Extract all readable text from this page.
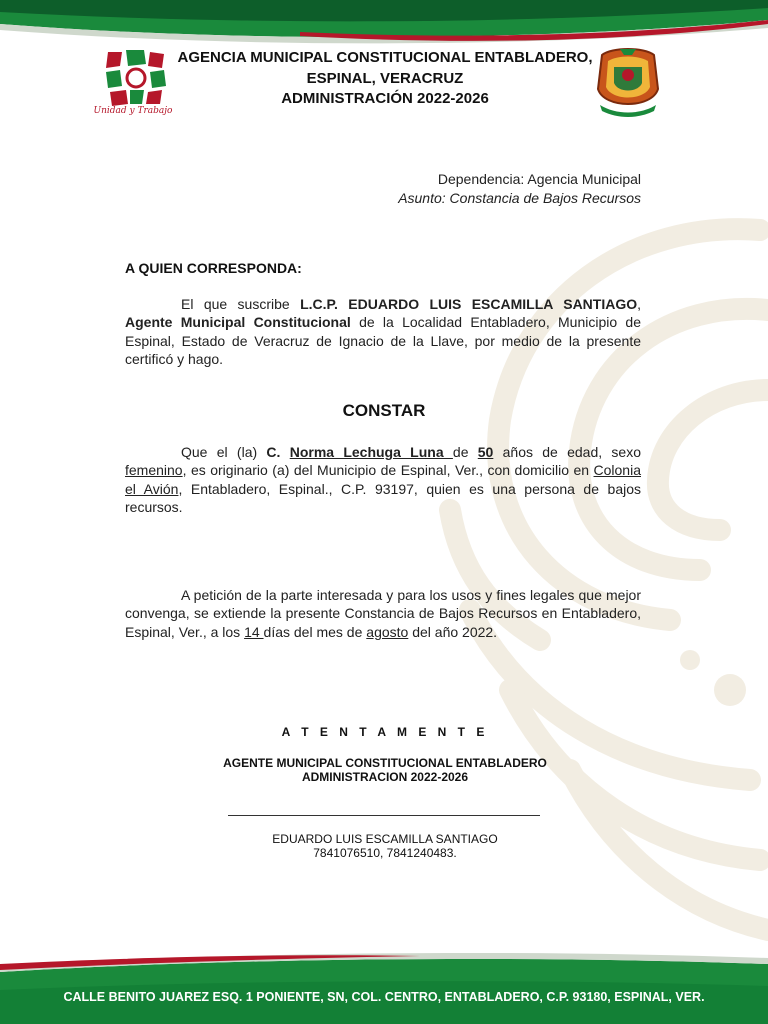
Unidad y Trabajo
AGENCIA MUNICIPAL CONSTITUCIONAL ENTABLADERO,
ESPINAL, VERACRUZ
ADMINISTRACIÓN 2022-2026
Dependencia: Agencia Municipal
Asunto: Constancia de Bajos Recursos
A QUIEN CORRESPONDA:
El que suscribe L.C.P. EDUARDO LUIS ESCAMILLA SANTIAGO, Agente Municipal Constitucional de la Localidad Entabladero, Municipio de Espinal, Estado de Veracruz de Ignacio de la Llave, por medio de la presente certificó y hago.
CONSTAR
Que el (la) C. Norma Lechuga Luna de 50 años de edad, sexo femenino, es originario (a) del Municipio de Espinal, Ver., con domicilio en Colonia el Avión, Entabladero, Espinal., C.P. 93197, quien es una persona de bajos recursos.
A petición de la parte interesada y para los usos y fines legales que mejor convenga, se extiende la presente Constancia de Bajos Recursos en Entabladero, Espinal, Ver., a los 14 días del mes de agosto del año 2022.
A T E N T A M E N T E
AGENTE MUNICIPAL CONSTITUCIONAL ENTABLADERO
ADMINISTRACION 2022-2026
EDUARDO LUIS ESCAMILLA SANTIAGO
7841076510, 7841240483.
CALLE BENITO JUAREZ ESQ. 1 PONIENTE, SN, COL. CENTRO, ENTABLADERO, C.P. 93180, ESPINAL, VER.
